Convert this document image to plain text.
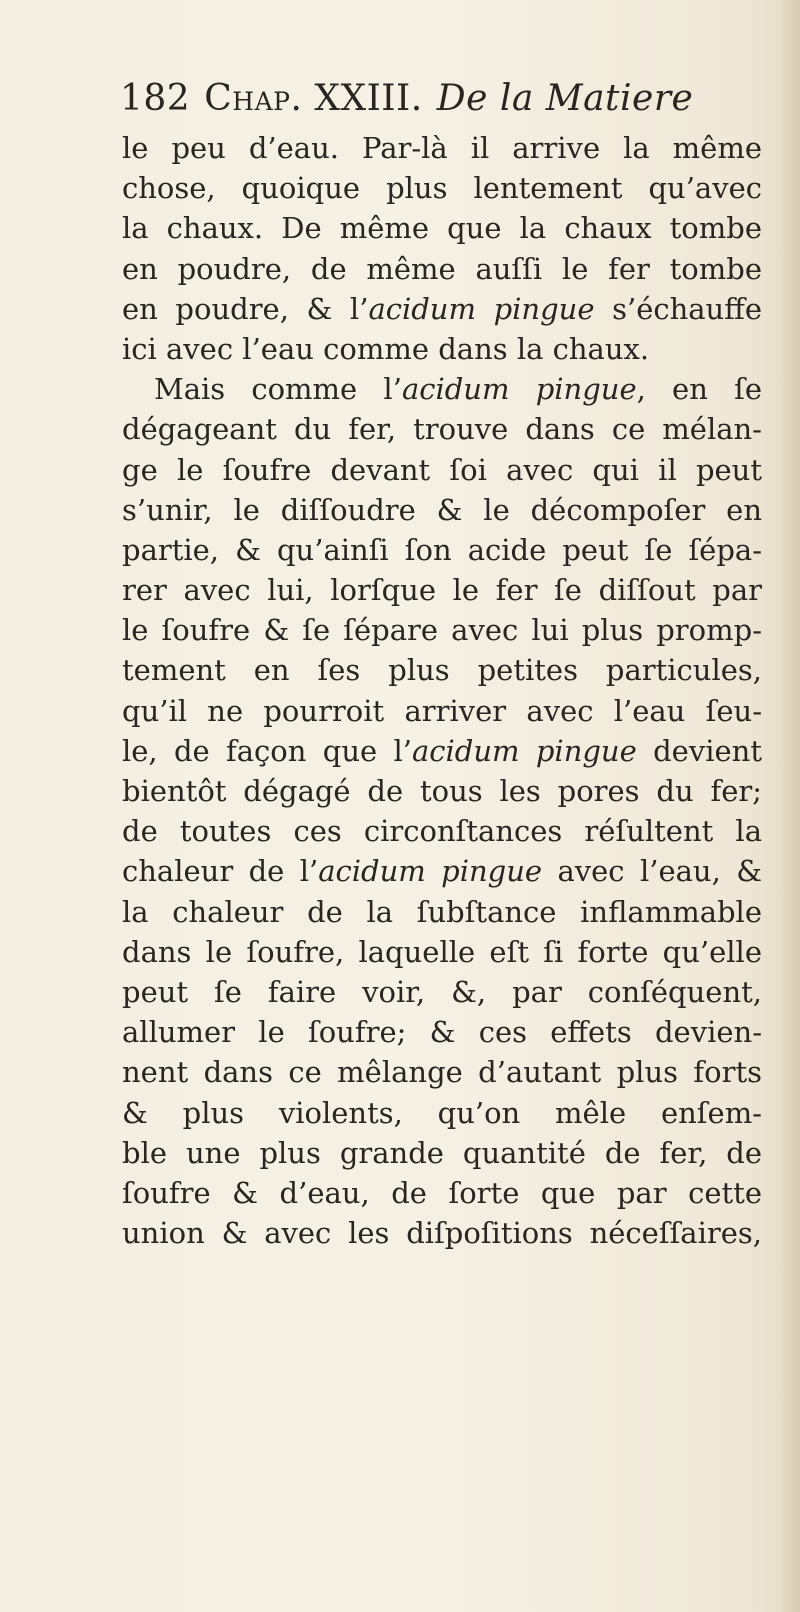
182 Chap. XXIII. De la Matiere
le peu d’eau. Par-là il arrive la même
chose, quoique plus lentement qu’avec
la chaux. De même que la chaux tombe
en poudre, de même auſſi le fer tombe
en poudre, & l’acidum pingue s’échauffe
ici avec l’eau comme dans la chaux.
Mais comme l’acidum pingue, en ſe
dégageant du fer, trouve dans ce mélan-
ge le ſoufre devant ſoi avec qui il peut
s’unir, le diſſoudre & le décompoſer en
partie, & qu’ainſi ſon acide peut ſe ſépa-
rer avec lui, lorſque le fer ſe diſſout par
le ſoufre & ſe ſépare avec lui plus promp-
tement en ſes plus petites particules,
qu’il ne pourroit arriver avec l’eau ſeu-
le, de façon que l’acidum pingue devient
bientôt dégagé de tous les pores du fer;
de toutes ces circonſtances réſultent la
chaleur de l’acidum pingue avec l’eau, &
la chaleur de la ſubſtance inflammable
dans le ſoufre, laquelle eſt ſi forte qu’elle
peut ſe faire voir, &, par conſéquent,
allumer le ſoufre; & ces effets devien-
nent dans ce mêlange d’autant plus forts
& plus violents, qu’on mêle enſem-
ble une plus grande quantité de fer, de
ſoufre & d’eau, de ſorte que par cette
union & avec les diſpoſitions néceſſaires,
